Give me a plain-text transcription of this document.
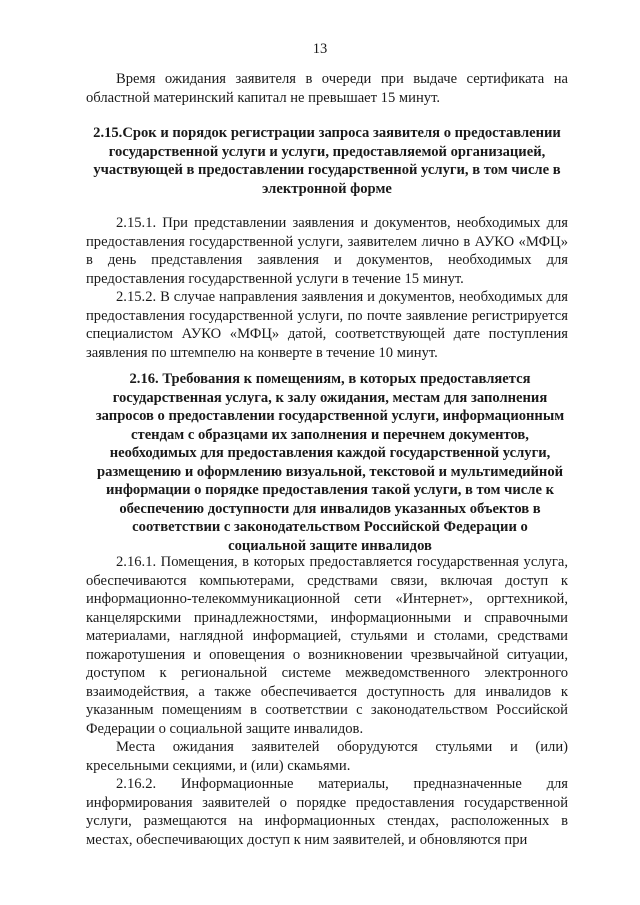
13

Время ожидания заявителя в очереди при выдаче сертификата на областной материнский капитал не превышает 15 минут.

2.15.Срок и порядок регистрации запроса заявителя о предоставлении государственной услуги и услуги, предоставляемой организацией, участвующей в предоставлении государственной услуги, в том числе в электронной форме

2.15.1. При представлении заявления и документов, необходимых для предоставления государственной услуги, заявителем лично в АУКО «МФЦ» в день представления заявления и документов, необходимых для предоставления государственной услуги в течение 15 минут.

2.15.2. В случае направления заявления и документов, необходимых для предоставления государственной услуги, по почте заявление регистрируется специалистом АУКО «МФЦ» датой, соответствующей дате поступления заявления по штемпелю на конверте в течение 10 минут.

2.16. Требования к помещениям, в которых предоставляется государственная услуга, к залу ожидания, местам для заполнения запросов о предоставлении государственной услуги, информационным стендам с образцами их заполнения и перечнем документов, необходимых для предоставления каждой государственной услуги, размещению и оформлению визуальной, текстовой и мультимедийной информации о порядке предоставления такой услуги, в том числе к обеспечению доступности для инвалидов указанных объектов в соответствии с законодательством Российской Федерации о социальной защите инвалидов

2.16.1. Помещения, в которых предоставляется государственная услуга, обеспечиваются компьютерами, средствами связи, включая доступ к информационно-телекоммуникационной сети «Интернет», оргтехникой, канцелярскими принадлежностями, информационными и справочными материалами, наглядной информацией, стульями и столами, средствами пожаротушения и оповещения о возникновении чрезвычайной ситуации, доступом к региональной системе межведомственного электронного взаимодействия, а также обеспечивается доступность для инвалидов к указанным помещениям в соответствии с законодательством Российской Федерации о социальной защите инвалидов.

Места ожидания заявителей оборудуются стульями и (или) кресельными секциями, и (или) скамьями.

2.16.2. Информационные материалы, предназначенные для информирования заявителей о порядке предоставления государственной услуги, размещаются на информационных стендах, расположенных в местах, обеспечивающих доступ к ним заявителей, и обновляются при
